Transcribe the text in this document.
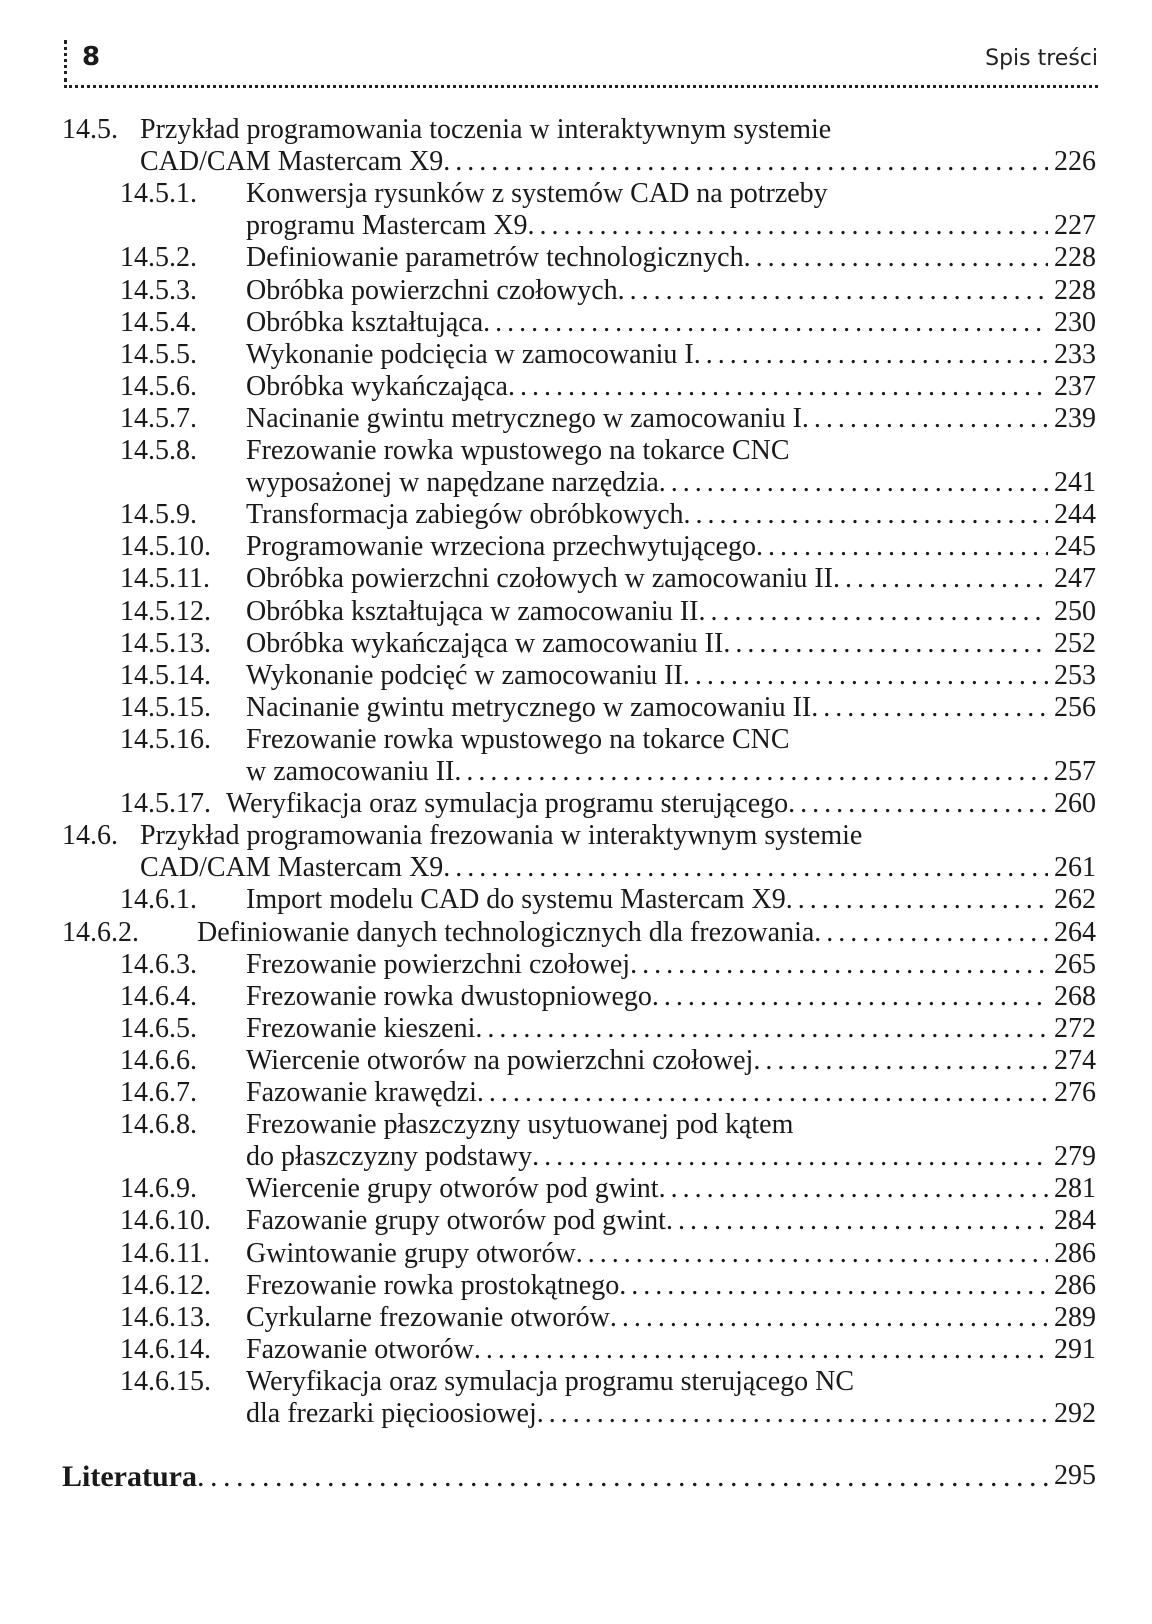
8	Spis treści
14.5. Przykład programowania toczenia w interaktywnym systemie
CAD/CAM Mastercam X9 . . .	226
14.5.1. Konwersja rysunków z systemów CAD na potrzeby
programu Mastercam X9 . . .	227
14.5.2. Definiowanie parametrów technologicznych . . .	228
14.5.3. Obróbka powierzchni czołowych . . .	228
14.5.4. Obróbka kształtująca . . .	230
14.5.5. Wykonanie podcięcia w zamocowaniu I . . .	233
14.5.6. Obróbka wykańczająca . . .	237
14.5.7. Nacinanie gwintu metrycznego w zamocowaniu I . . .	239
14.5.8. Frezowanie rowka wpustowego na tokarce CNC
wyposażonej w napędzane narzędzia . . .	241
14.5.9. Transformacja zabiegów obróbkowych . . .	244
14.5.10. Programowanie wrzeciona przechwytującego . . .	245
14.5.11. Obróbka powierzchni czołowych w zamocowaniu II . . .	247
14.5.12. Obróbka kształtująca w zamocowaniu II . . .	250
14.5.13. Obróbka wykańczająca w zamocowaniu II . . .	252
14.5.14. Wykonanie podcięć w zamocowaniu II . . .	253
14.5.15. Nacinanie gwintu metrycznego w zamocowaniu II . . .	256
14.5.16. Frezowanie rowka wpustowego na tokarce CNC
w zamocowaniu II . . .	257
14.5.17. Weryfikacja oraz symulacja programu sterującego . . .	260
14.6. Przykład programowania frezowania w interaktywnym systemie
CAD/CAM Mastercam X9 . . .	261
14.6.1. Import modelu CAD do systemu Mastercam X9 . . .	262
14.6.2. Definiowanie danych technologicznych dla frezowania . . .	264
14.6.3. Frezowanie powierzchni czołowej . . .	265
14.6.4. Frezowanie rowka dwustopniowego . . .	268
14.6.5. Frezowanie kieszeni . . .	272
14.6.6. Wiercenie otworów na powierzchni czołowej . . .	274
14.6.7. Fazowanie krawędzi . . .	276
14.6.8. Frezowanie płaszczyzny usytuowanej pod kątem
do płaszczyzny podstawy . . .	279
14.6.9. Wiercenie grupy otworów pod gwint . . .	281
14.6.10. Fazowanie grupy otworów pod gwint . . .	284
14.6.11. Gwintowanie grupy otworów . . .	286
14.6.12. Frezowanie rowka prostokątnego . . .	286
14.6.13. Cyrkularne frezowanie otworów . . .	289
14.6.14. Fazowanie otworów . . .	291
14.6.15. Weryfikacja oraz symulacja programu sterującego NC
dla frezarki pięcioosiowej . . .	292
Literatura . . .	295
